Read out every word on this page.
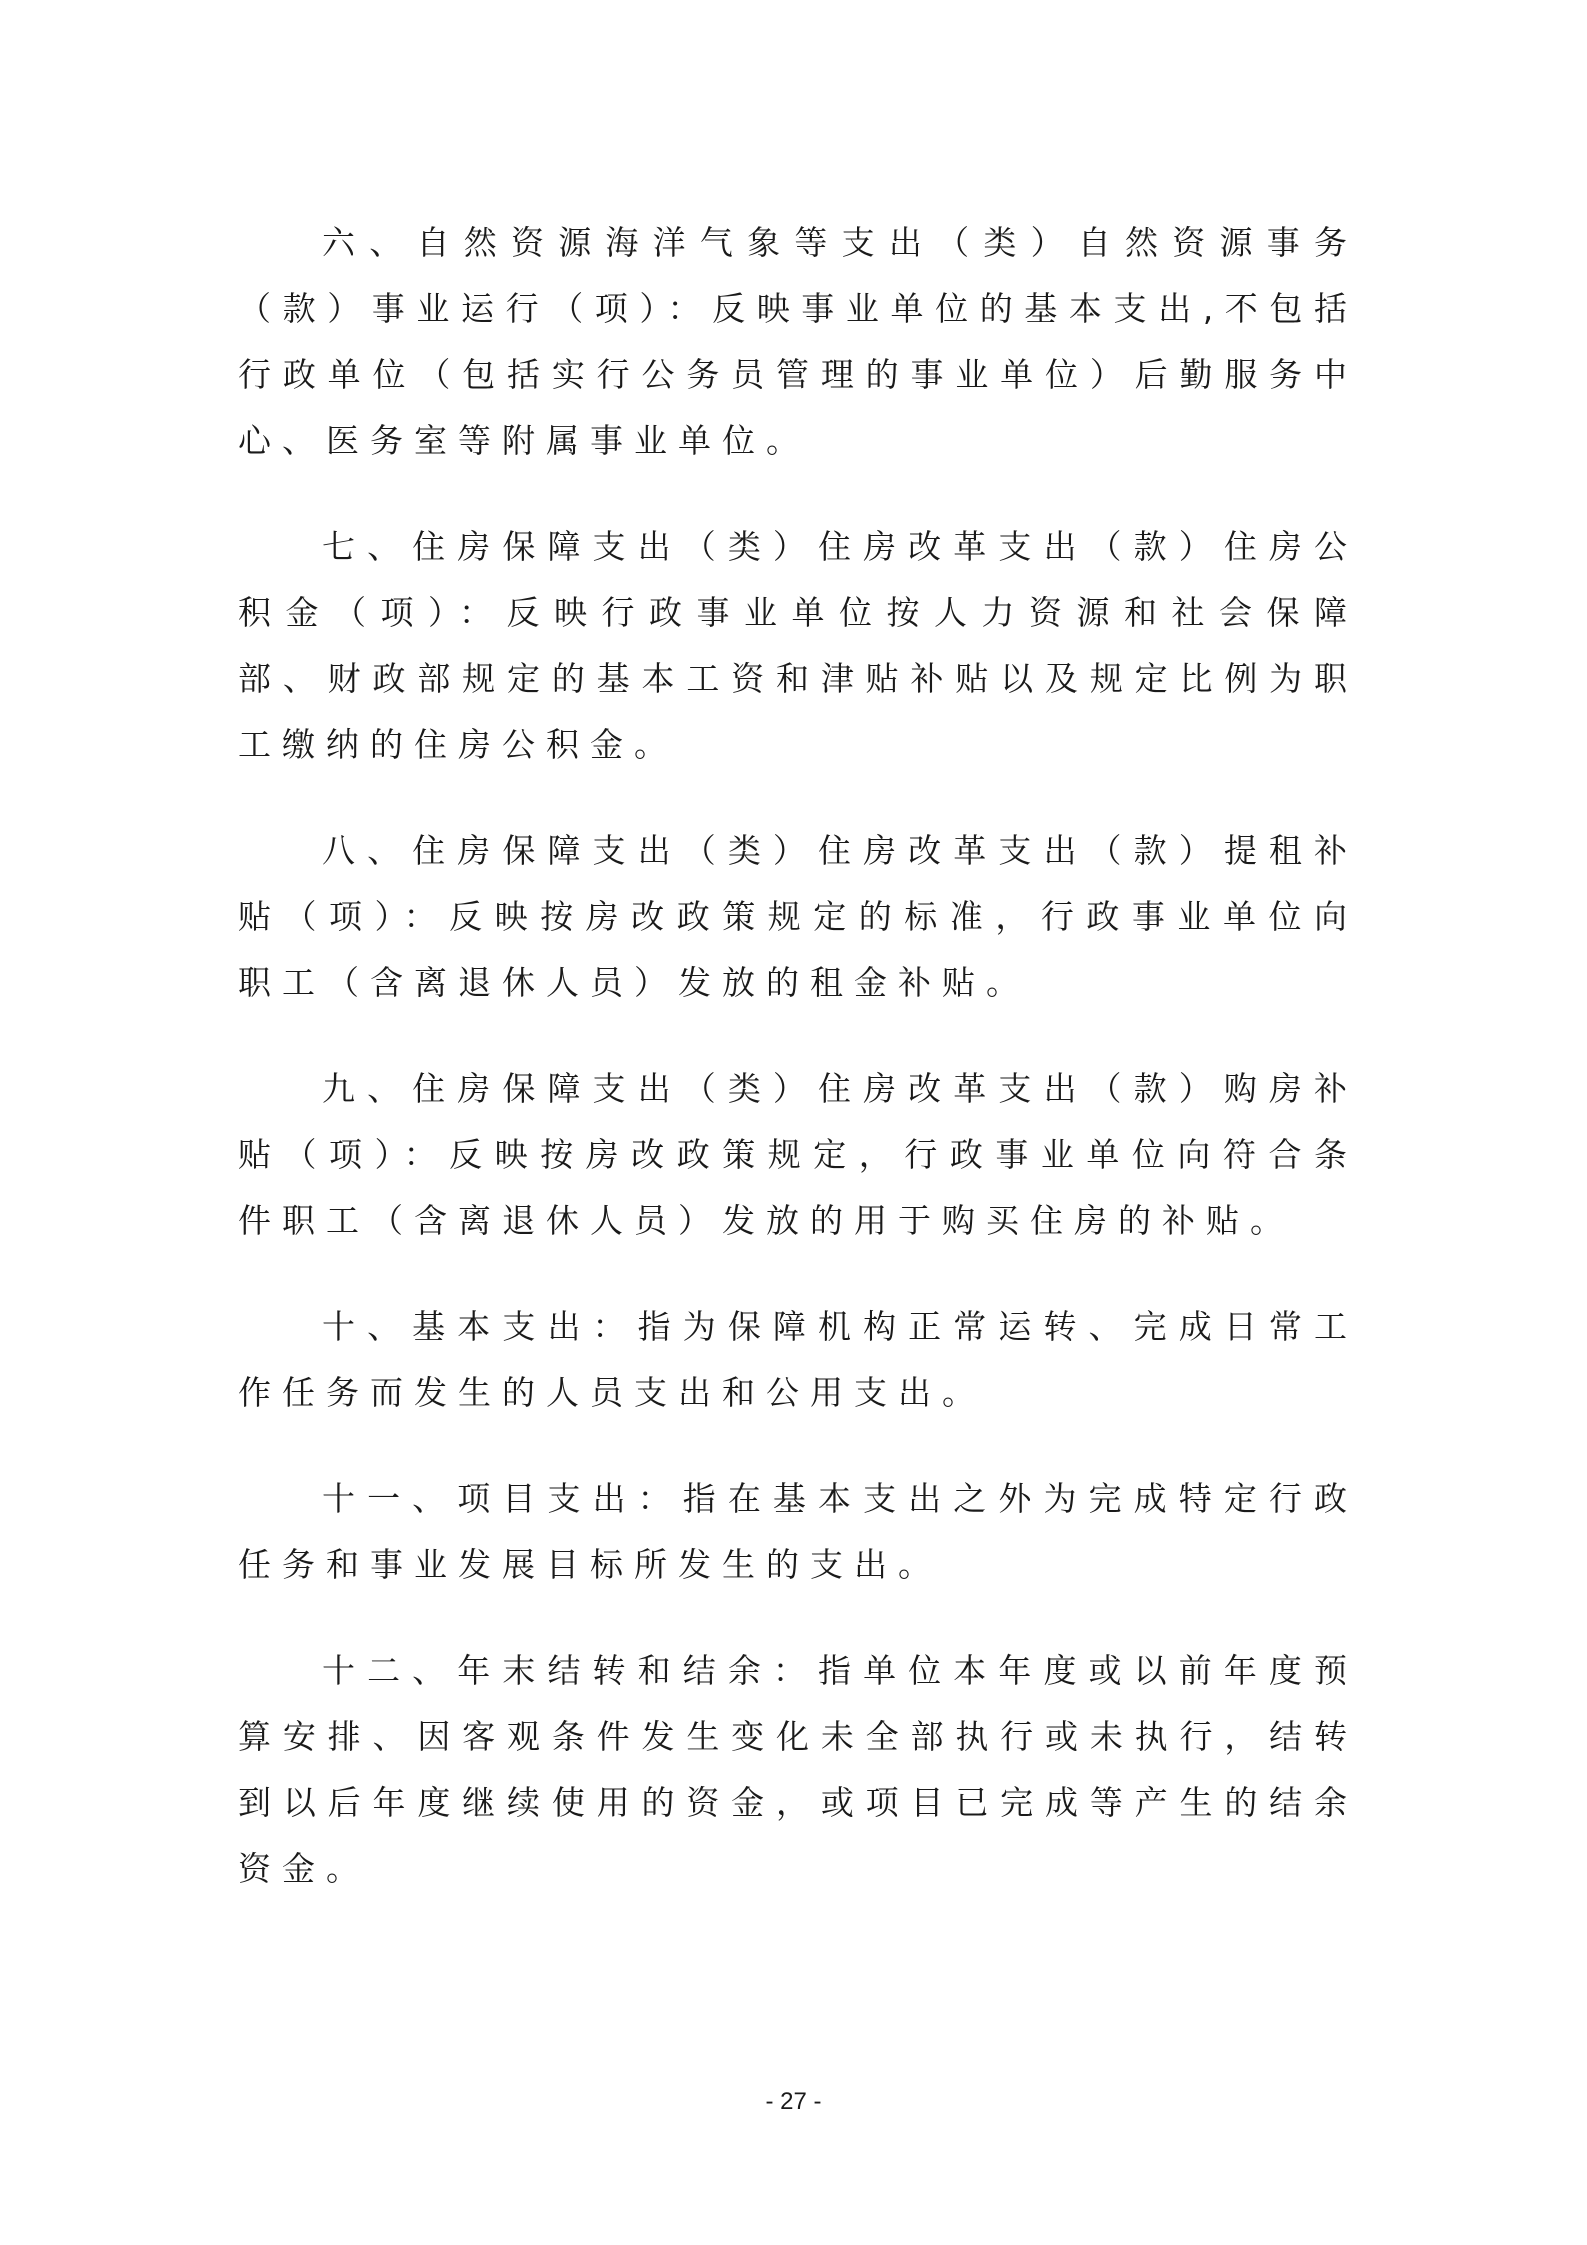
六、自然资源海洋气象等支出（类）自然资源事务（款）事业运行（项）：反映事业单位的基本支出,不包括行政单位（包括实行公务员管理的事业单位）后勤服务中心、医务室等附属事业单位。

七、住房保障支出（类）住房改革支出（款）住房公积金（项）：反映行政事业单位按人力资源和社会保障部、财政部规定的基本工资和津贴补贴以及规定比例为职工缴纳的住房公积金。

八、住房保障支出（类）住房改革支出（款）提租补贴（项）：反映按房改政策规定的标准，行政事业单位向职工（含离退休人员）发放的租金补贴。

九、住房保障支出（类）住房改革支出（款）购房补贴（项）：反映按房改政策规定，行政事业单位向符合条件职工（含离退休人员）发放的用于购买住房的补贴。

十、基本支出：指为保障机构正常运转、完成日常工作任务而发生的人员支出和公用支出。

十一、项目支出：指在基本支出之外为完成特定行政任务和事业发展目标所发生的支出。

十二、年末结转和结余：指单位本年度或以前年度预算安排、因客观条件发生变化未全部执行或未执行，结转到以后年度继续使用的资金，或项目已完成等产生的结余资金。

- 27 -
